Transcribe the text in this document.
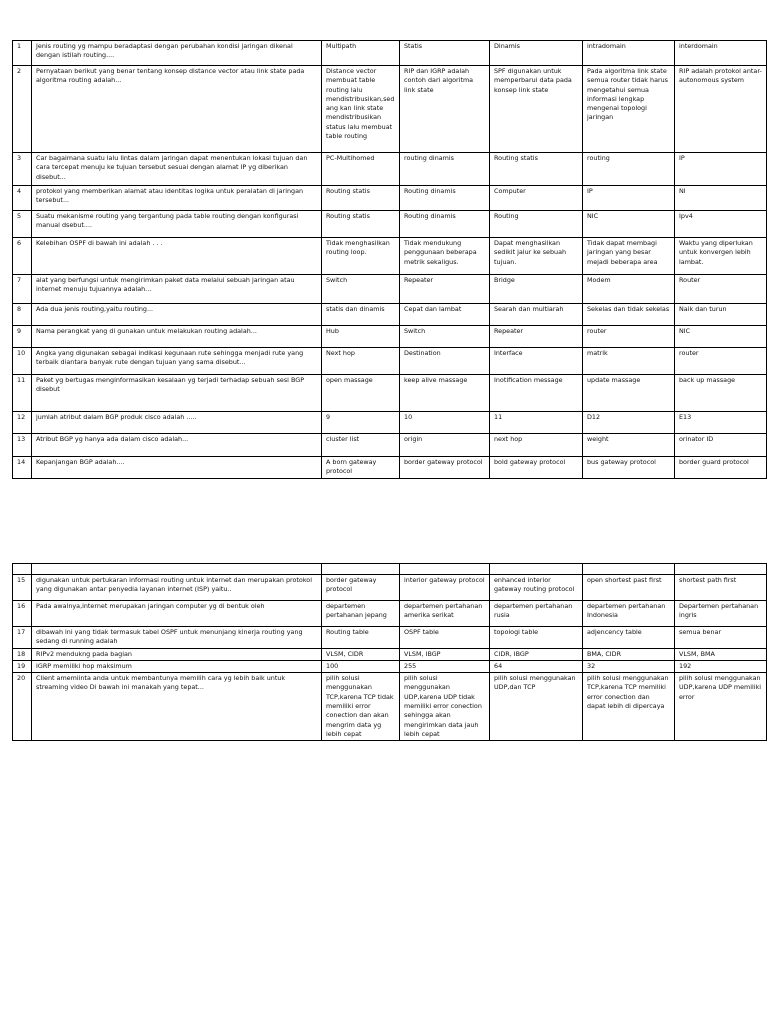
1	Jenis routing yg mampu beradaptasi dengan perubahan kondisi jaringan dikenal dengan istilah routing....	Multipath	Statis	Dinamis	intradomain	interdomain
2	Pernyataan berikut yang benar tentang konsep distance vector atau link state pada algoritma routing adalah...	Distance vector membuat table routing lalu mendistribusikan,sedang kan link state mendistribusikan status lalu membuat table routing	RIP dan IGRP adalah contoh dari algoritma link state	SPF digunakan untuk memperbarui data pada konsep link state	Pada algoritma link state semua router tidak harus mengetahui semua informasi lengkap mengenai topologi jaringan	RIP adalah protokol antar-autonomous system
3	Car bagaimana suatu lalu lintas dalam jaringan dapat menentukan lokasi tujuan dan cara tercepat menuju ke tujuan tersebut sesuai dengan alamat IP yg diberikan disebut...	PC-Multihomed	routing dinamis	Routing statis	routing	IP
4	protokol yang memberikan alamat atau identitas logika untuk peralatan di jaringan tersebut...	Routing statis	Routing dinamis	Computer	IP	NI
5	Suatu mekanisme routing yang tergantung pada table routing dengan konfigurasi manual dsebut....	Routing statis	Routing dinamis	Routing	NIC	Ipv4
6	Kelebihan OSPF di bawah ini adalah . . .	Tidak menghasilkan routing loop.	Tidak mendukung penggunaan beberapa metrik sekaligus.	Dapat menghasilkan sedikit jalur ke sebuah tujuan.	Tidak dapat membagi jaringan yang besar mejadi beberapa area	Waktu yang diperlukan untuk konvergen lebih lambat.
7	alat yang berfungsi untuk mengirimkan paket data melalui sebuah jaringan atau internet menuju tujuannya adalah...	Switch	Repeater	Bridge	Modem	Router
8	Ada dua jenis routing,yaitu routing...	statis dan dinamis	Cepat dan lambat	Searah dan multiarah	Sekelas dan tidak sekelas	Naik dan turun
9	Nama perangkat yang di gunakan untuk melakukan routing adalah...	Hub	Switch	Repeater	router	NIC
10	Angka yang digunakan sebagai indikasi kegunaan rute sehingga menjadi rute yang terbaik diantara banyak rute dengan tujuan yang sama disebut...	Next hop	Destination	Interface	matrik	router
11	Paket yg bertugas menginformasikan kesalaan yg terjadi terhadap sebuah sesi BGP disebut	open massage	keep alive massage	Inotification message	update massage	back up massage
12	jumlah atribut dalam BGP produk cisco adalah .....	9	10	11	D12	E13
13	Atribut BGP yg hanya ada dalam cisco adalah...	cluster list	origin	next hop	weight	orinator ID
14	Kepanjangan BGP adalah....	A born gateway protocol	border gateway protocol	bold gateway protocol	bus gateway protocol	border guard protocol

15	digunakan untuk pertukaran informasi routing untuk internet dan merupakan protokol yang digunakan antar penyedia layanan internet (ISP) yaitu..	border gateway protocol	interior gateway protocol	enhanced interior gateway routing protocol	open shortest past first	shortest path first
16	Pada awalnya,internet merupakan jaringan computer yg di bentuk oleh	departemen pertahanan jepang	departemen pertahanan amerika serikat	departemen pertahanan rusia	departemen pertahanan Indonesia	Departemen pertahanan ingris
17	dibawah ini yang tidak termasuk tabel OSPF untuk menunjang kinerja routing yang sedang di running adalah	Routing table	OSPF table	topologi table	adjencency table	semua benar
18	RIPv2 mendukng pada bagian	VLSM, CIDR	VLSM, IBGP	CIDR, IBGP	BMA, CIDR	VLSM, BMA
19	IGRP memiliki hop maksimum	100	255	64	32	192
20	Client amemiinta anda untuk membantunya memilih cara yg lebih baik untuk streaming video Di bawah ini manakah yang tepat...	pilih solusi menggunakan TCP,karena TCP tidak memiliki error conection dan akan mengrim data yg lebih cepat	pilih solusi menggunakan UDP,karena UDP tidak memiliki error conection sehingga akan mengirimkan data jauh lebih cepat	pilih solusi menggunakan UDP,dan TCP	pilih solusi menggunakan TCP,karena TCP memiliki error conection dan dapat lebih di dipercaya	pilih solusi menggunakan UDP,karena UDP memiliki error
